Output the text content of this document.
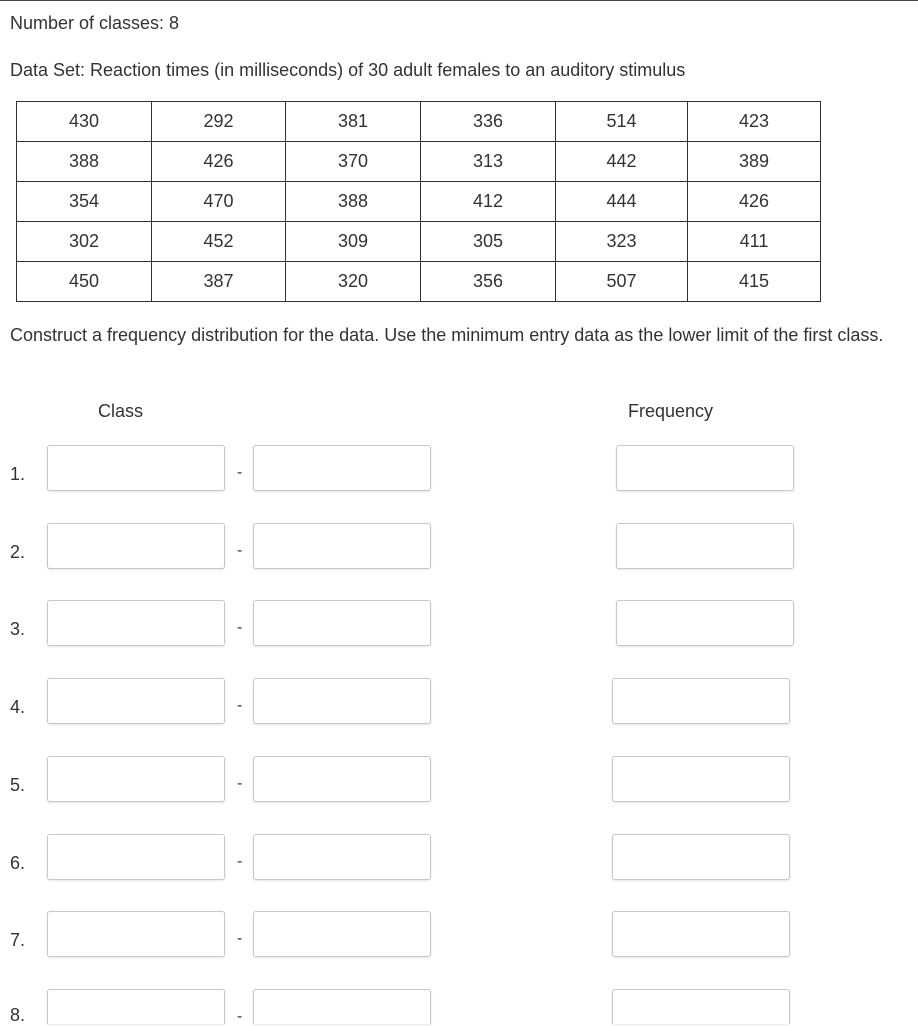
Number of classes: 8
Data Set: Reaction times (in milliseconds) of 30 adult females to an auditory stimulus
430	292	381	336	514	423
388	426	370	313	442	389
354	470	388	412	444	426
302	452	309	305	323	411
450	387	320	356	507	415
Construct a frequency distribution for the data. Use the minimum entry data as the lower limit of the first class.
Class	Frequency
1.	-
2.	-
3.	-
4.	-
5.	-
6.	-
7.	-
8.	-
